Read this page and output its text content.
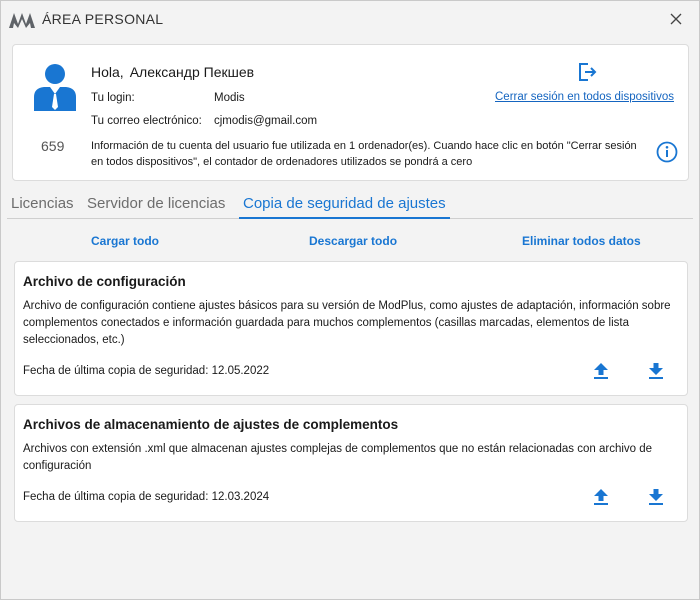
ÁREA PERSONAL
659
Hola, Александр Пекшев
Tu login:	Modis
Tu correo electrónico: cjmodis@gmail.com
Información de tu cuenta del usuario fue utilizada en 1 ordenador(es). Cuando hace clic en botón "Cerrar sesión en todos dispositivos", el contador de ordenadores utilizados se pondrá a cero
Cerrar sesión en todos dispositivos
Licencias Servidor de licencias Copia de seguridad de ajustes
Cargar todo	Descargar todo	Eliminar todos datos
Archivo de configuración
Archivo de configuración contiene ajustes básicos para su versión de ModPlus, como ajustes de adaptación, información sobre complementos conectados e información guardada para muchos complementos (casillas marcadas, elementos de lista seleccionados, etc.)
Fecha de última copia de seguridad: 12.05.2022
Archivos de almacenamiento de ajustes de complementos
Archivos con extensión .xml que almacenan ajustes complejas de complementos que no están relacionadas con archivo de configuración
Fecha de última copia de seguridad: 12.03.2024
